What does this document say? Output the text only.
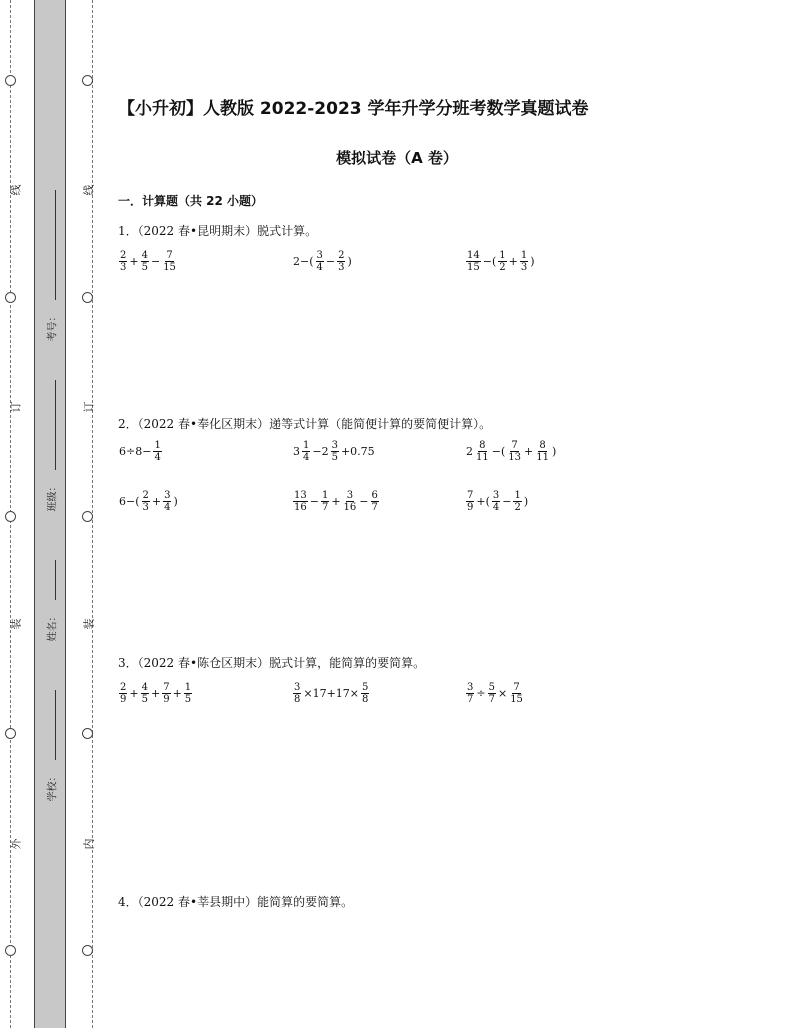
线
订
装
外
线
订
装
内
考号：
班级：
姓名：
学校：
【小升初】人教版 2022-2023 学年升学分班考数学真题试卷
模拟试卷（A 卷）
一．计算题（共 22 小题）
1．（2022 春•昆明期末）脱式计算。
$\frac{2}{3} + \frac{4}{5} - \frac{7}{15}$	$2-( \frac{3}{4} - \frac{2}{3}$ )	$\frac{14}{15}$ −( $\frac{1}{2} + \frac{1}{3}$ )
2．（2022 春•奉化区期末）递等式计算（能简便计算的要简便计算）。
$6\div 8- \frac{1}{4}$	$3 \frac{1}{4} -2 \frac{3}{5} +0.75$	$2 \frac{8}{11}$ −( $\frac{7}{13} + \frac{8}{11}$ )
$6-( \frac{2}{3} + \frac{3}{4}$ )	$\frac{13}{16} - \frac{1}{7} + \frac{3}{16} - \frac{6}{7}$	$\frac{7}{9}$ +( $\frac{3}{4} - \frac{1}{2}$ )
3．（2022 春•陈仓区期末）脱式计算，能简算的要简算。
$\frac{2}{9} + \frac{4}{5} + \frac{7}{9} + \frac{1}{5}$	$\frac{3}{8} \times 17+17\times \frac{5}{8}$	$\frac{3}{7} \div \frac{5}{7} \times \frac{7}{15}$
4．（2022 春•莘县期中）能简算的要简算。
